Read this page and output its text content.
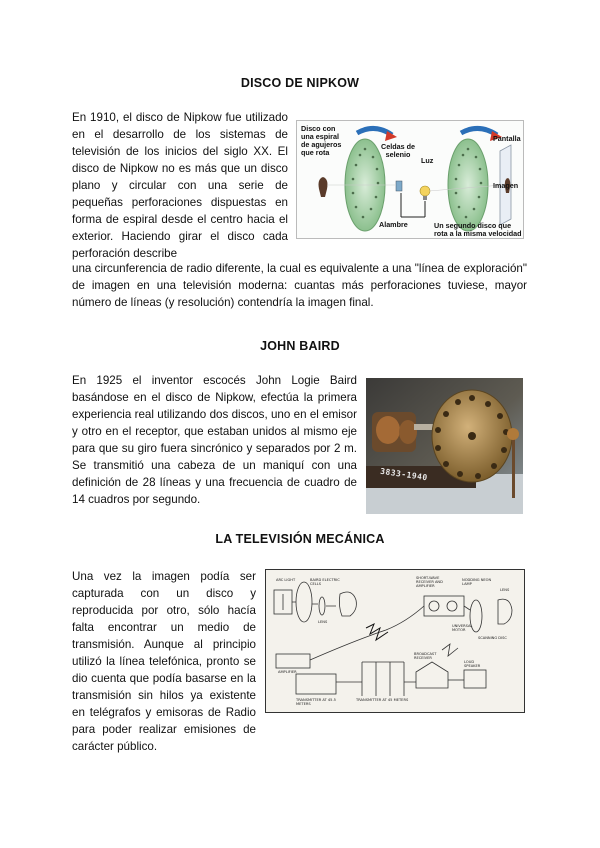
DISCO DE NIPKOW
En 1910, el disco de Nipkow fue utilizado en el desarrollo de los sistemas de televisión de los inicios del siglo XX. El disco de Nipkow no es más que un disco plano y circular con una serie de pequeñas perforaciones dispuestas en forma de espiral desde el centro hacia el exterior. Haciendo girar el disco cada perforación describe
Disco con una espiral de agujeros que rota
Celdas de selenio
Luz
Pantalla
Imagen
Alambre	Un segundo disco que rota a la misma velocidad
una circunferencia de radio diferente, la cual es equivalente a una "línea de exploración" de imagen en una televisión moderna: cuantas más perforaciones tuviese, mayor número de líneas (y resolución) contendría la imagen final.
JOHN BAIRD
En 1925 el inventor escocés John Logie Baird basándose en el disco de Nipkow, efectúa la primera experiencia real utilizando dos discos, uno en el emisor y otro en el receptor, que estaban unidos al mismo eje para que su giro fuera sincrónico y separados por 2 m. Se transmitió una cabeza de un maniquí con una definición de 28 líneas y una frecuencia de cuadro de 14 cuadros por segundo.
3833-1940
LA TELEVISIÓN MECÁNICA
Una vez la imagen podía ser capturada con un disco y reproducida por otro, sólo hacía falta encontrar un medio de transmisión. Aunque al principio utilizó la línea telefónica, pronto se dio cuenta que podía basarse en la transmisión sin hilos ya existente en telégrafos y emisoras de Radio para poder realizar emisiones de carácter público.
ARC LIGHT	BAIRD ELECTRIC CELLS
LENS
SHORT-WAVE RECEIVER AND AMPLIFIER
NODDING NEON LAMP
LENS
AMPLIFIER
SCANNING DISC
BROADCAST RECEIVER
LOUD SPEAKER
TRANSMITTER AT 45 METERS
TRANSMITTER AT 45.5 METERS
UNIVERSAL MOTOR
